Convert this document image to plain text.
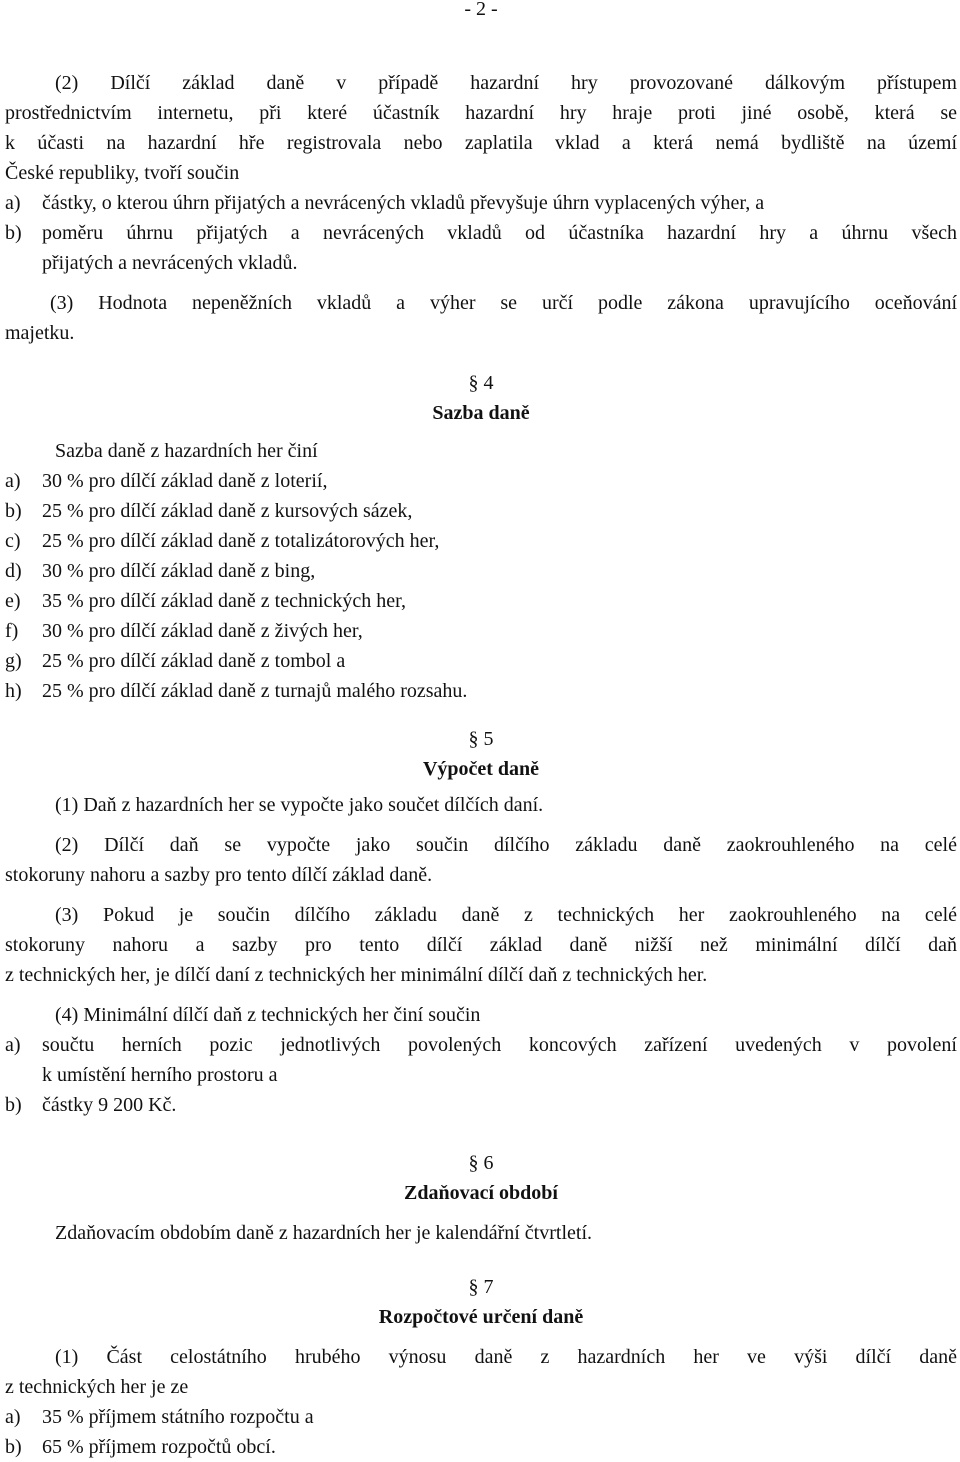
- 2 -

(2) Dílčí základ daně v případě hazardní hry provozované dálkovým přístupem

prostřednictvím internetu, při které účastník hazardní hry hraje proti jiné osobě, která se

k účasti na hazardní hře registrovala nebo zaplatila vklad a která nemá bydliště na území

České republiky, tvoří součin

a) částky, o kterou úhrn přijatých a nevrácených vkladů převyšuje úhrn vyplacených výher, a
b) poměru úhrnu přijatých a nevrácených vkladů od účastníka hazardní hry a úhrnu všech
přijatých a nevrácených vkladů.

(3) Hodnota nepeněžních vkladů a výher se určí podle zákona upravujícího oceňování

majetku.

§ 4
Sazba daně

Sazba daně z hazardních her činí

a) 30 % pro dílčí základ daně z loterií,
b) 25 % pro dílčí základ daně z kursových sázek,
c) 25 % pro dílčí základ daně z totalizátorových her,
d) 30 % pro dílčí základ daně z bing,
e) 35 % pro dílčí základ daně z technických her,
f) 30 % pro dílčí základ daně z živých her,
g) 25 % pro dílčí základ daně z tombol a
h) 25 % pro dílčí základ daně z turnajů malého rozsahu.
§ 5
Výpočet daně

(1) Daň z hazardních her se vypočte jako součet dílčích daní.

(2) Dílčí daň se vypočte jako součin dílčího základu daně zaokrouhleného na celé

stokoruny nahoru a sazby pro tento dílčí základ daně.

(3) Pokud je součin dílčího základu daně z technických her zaokrouhleného na celé

stokoruny nahoru a sazby pro tento dílčí základ daně nižší než minimální dílčí daň

z technických her, je dílčí daní z technických her minimální dílčí daň z technických her.

(4) Minimální dílčí daň z technických her činí součin

a) součtu herních pozic jednotlivých povolených koncových zařízení uvedených v povolení
k umístění herního prostoru a
b) částky 9 200 Kč.
§ 6
Zdaňovací období

Zdaňovacím obdobím daně z hazardních her je kalendářní čtvrtletí.

§ 7
Rozpočtové určení daně

(1) Část celostátního hrubého výnosu daně z hazardních her ve výši dílčí daně

z technických her je ze

a) 35 % příjmem státního rozpočtu a
b) 65 % příjmem rozpočtů obcí.
